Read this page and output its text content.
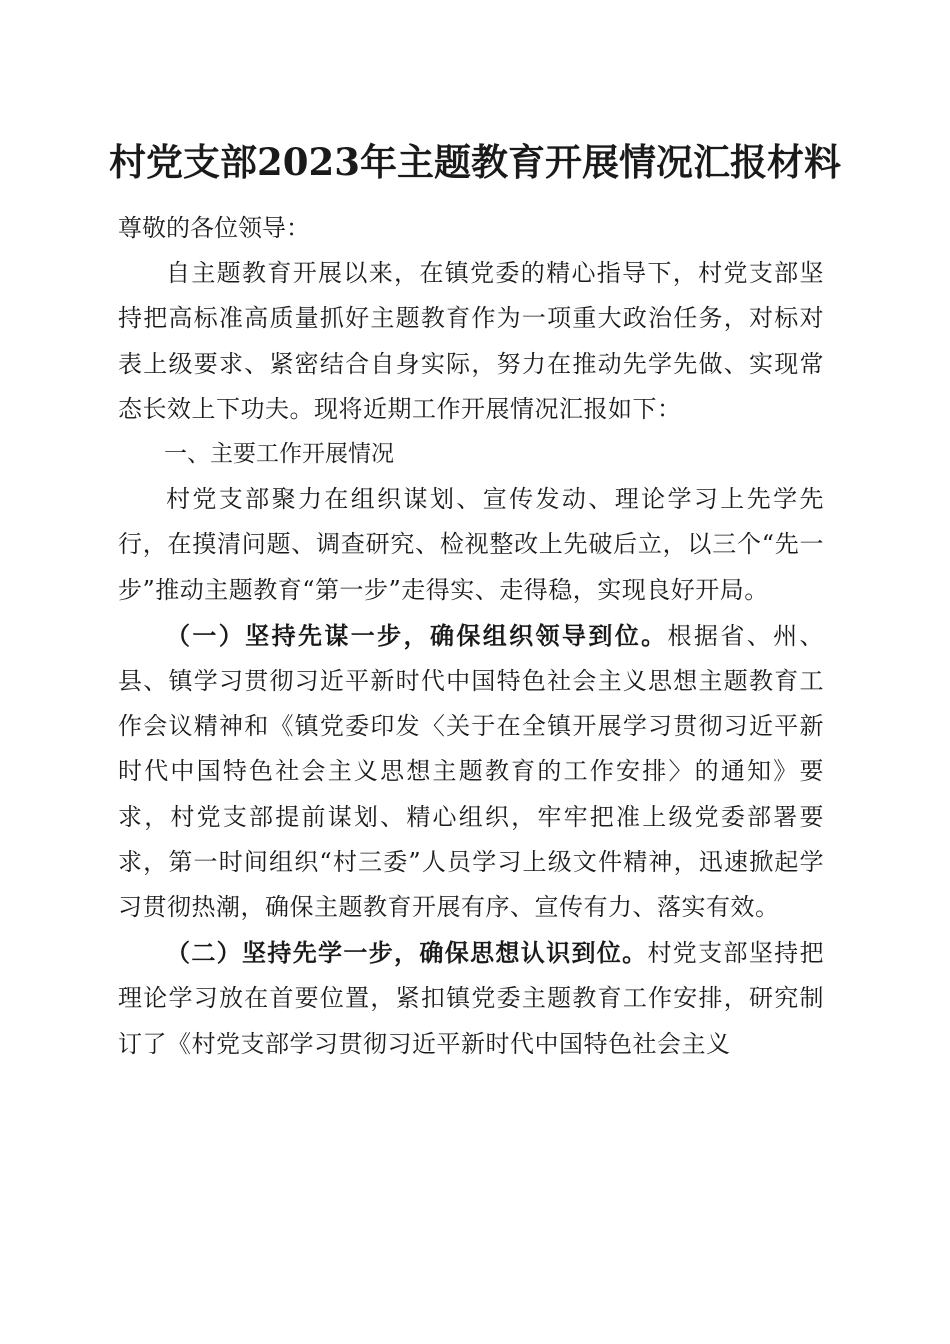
村党支部2023年主题教育开展情况汇报材料

尊敬的各位领导：

自主题教育开展以来，在镇党委的精心指导下，村党支部坚持把高标准高质量抓好主题教育作为一项重大政治任务，对标对表上级要求、紧密结合自身实际，努力在推动先学先做、实现常态长效上下功夫。现将近期工作开展情况汇报如下：

一、主要工作开展情况

村党支部聚力在组织谋划、宣传发动、理论学习上先学先行，在摸清问题、调查研究、检视整改上先破后立，以三个“先一步”推动主题教育“第一步”走得实、走得稳，实现良好开局。

（一）坚持先谋一步，确保组织领导到位。根据省、州、县、镇学习贯彻习近平新时代中国特色社会主义思想主题教育工作会议精神和《镇党委印发〈关于在全镇开展学习贯彻习近平新时代中国特色社会主义思想主题教育的工作安排〉的通知》要求，村党支部提前谋划、精心组织，牢牢把准上级党委部署要求，第一时间组织“村三委”人员学习上级文件精神，迅速掀起学习贯彻热潮，确保主题教育开展有序、宣传有力、落实有效。

（二）坚持先学一步，确保思想认识到位。村党支部坚持把理论学习放在首要位置，紧扣镇党委主题教育工作安排，研究制订了《村党支部学习贯彻习近平新时代中国特色社会主义
